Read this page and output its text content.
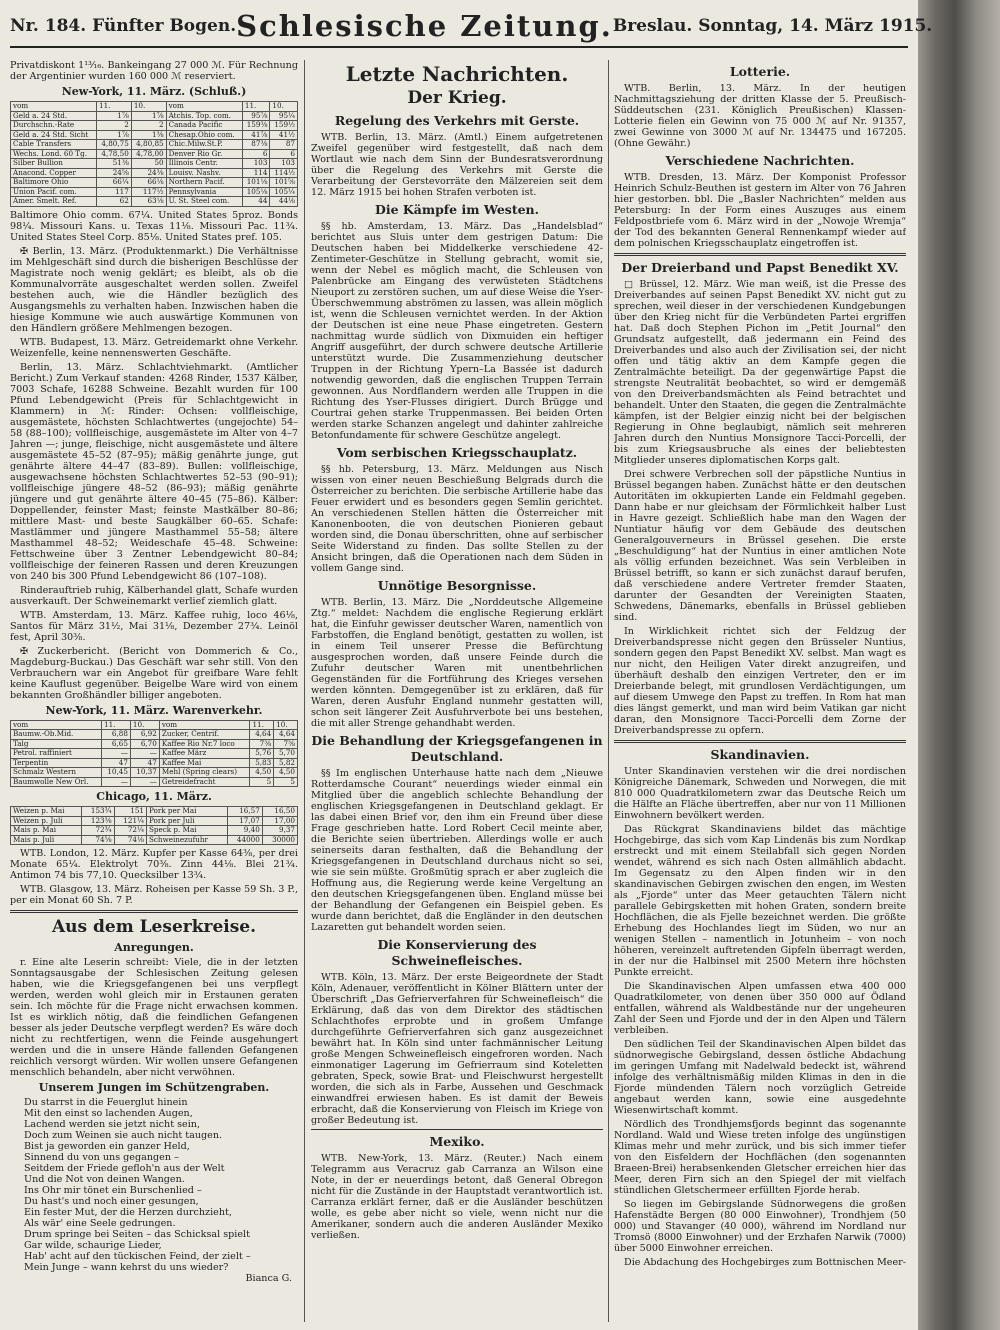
Nr. 184. Fünfter Bogen. Schlesische Zeitung. Breslau. Sonntag, 14. März 1915.

Privatdiskont 1¹³⁄₁₆. Bankeingang 27 000 ℳ. Für Rechnung der Argentinier wurden 160 000 ℳ reserviert.

New-York, 11. März. (Schluß.)
vom	11.	10.	vom	11.	10.
Geld a. 24 Std.	1⅞	1⅞	Atchis. Top. com.	95⅞	95¼
Durchschn.-Rate	2	2	Canada Pacific	159⅜	159½
Geld a. 24 Std. Sicht	1⅞	1⅜	Chesap.Ohio com.	41⅞	41½
Cable Transfers	4,80,75	4,80,85	Chic.Milw.St.P.	87⅜	87
Wechs. Lond. 60 Tg.	4,78,50	4,78,00	Denver Rio Gr.	6	6
Silber Bullion	51⅜	50	Illinois Centr.	103	103
Anacond. Copper	24⅝	24⅜	Louisv. Nashv.	114	114½
Baltimore Ohio	66¼	66⅛	Northern Pacif.	101⅛	101⅝
Union Pacif. com.	117	117½	Pennsylvania	105⅛	105¼
Amer. Smelt. Ref.	62	63⅛	U. St. Steel com.	44	44⅛

Baltimore Ohio comm. 67¼. United States 5proz. Bonds 98¼. Missouri Kans. u. Texas 11⅛. Missouri Pac. 11¾. United States Steel Corp. 85⅛. United States pref. 105.

✠ Berlin, 13. März. (Produktenmarkt.) Die Verhältnisse im Mehlgeschäft sind durch die bisherigen Beschlüsse der Magistrate noch wenig geklärt; es bleibt, als ob die Kommunalvorräte ausgeschaltet werden sollen. Zweifel bestehen auch, wie die Händler bezüglich des Ausgangsmehls zu verhalten haben. Inzwischen haben die hiesige Kommune wie auch auswärtige Kommunen von den Händlern größere Mehlmengen bezogen.

WTB. Budapest, 13. März. Getreidemarkt ohne Verkehr. Weizenfelle, keine nennenswerten Geschäfte.

Berlin, 13. März. Schlachtviehmarkt. (Amtlicher Bericht.) Zum Verkauf standen: 4268 Rinder, 1537 Kälber, 7003 Schafe, 16288 Schweine. Bezahlt wurden für 100 Pfund Lebendgewicht (Preis für Schlachtgewicht in Klammern) in ℳ: Rinder: Ochsen: vollfleischige, ausgemästete, höchsten Schlachtwertes (ungejochte) 54–58 (88–100); vollfleischige, ausgemästete im Alter von 4–7 Jahren —; junge, fleischige, nicht ausgemästete und ältere ausgemästete 45–52 (87–95); mäßig genährte junge, gut genährte ältere 44–47 (83–89). Bullen: vollfleischige, ausgewachsene höchsten Schlachtwertes 52–53 (90–91); vollfleischige jüngere 48–52 (86–93); mäßig genährte jüngere und gut genährte ältere 40–45 (75–86). Kälber: Doppellender, feinster Mast; feinste Mastkälber 80–86; mittlere Mast- und beste Saugkälber 60–65. Schafe: Mastlämmer und jüngere Masthammel 55–58; ältere Masthammel 48–52; Weideschafe 45–48. Schweine: Fettschweine über 3 Zentner Lebendgewicht 80–84; vollfleischige der feineren Rassen und deren Kreuzungen von 240 bis 300 Pfund Lebendgewicht 86 (107–108).

Rinderauftrieb ruhig, Kälberhandel glatt, Schafe wurden ausverkauft. Der Schweinemarkt verlief ziemlich glatt.

WTB. Amsterdam, 13. März. Kaffee ruhig, loco 46⅛, Santos für März 31½, Mai 31⅛, Dezember 27¾. Leinöl fest, April 30⅜.

✠ Zuckerbericht. (Bericht von Dommerich & Co., Magdeburg-Buckau.) Das Geschäft war sehr still. Von den Verbrauchern war ein Angebot für greifbare Ware fehlt keine Kauflust gegenüber. Beigelbe Ware wird von einem bekannten Großhändler billiger angeboten.

New-York, 11. März. Warenverkehr.
vom	11.	10.	vom	11.	10.
Baumw.-Ob.Mid.	6,88	6,92	Zucker, Centrif.	4,64	4,64
Talg	6,65	6,70	Kaffee Rio Nr.7 loco	7⅜	7⅜
Petrol. raffiniert	—	—	Kaffee März	5,76	5,70
Terpentin	47	47	Kaffee Mai	5,83	5,82
Schmalz Western	10,45	10,37	Mehl (Spring clears)	4,50	4,50
Baumwolle New Orl.	—	—	Getreidefracht	5	5
Chicago, 11. März.
Weizen p. Mai	153¾	151	Pork per Mai	16,57	16,50
Weizen p. Juli	123⅜	121¼	Pork per Juli	17,07	17,00
Mais p. Mai	72¾	72¼	Speck p. Mai	9,40	9,37
Mais p. Juli	74⅝	74⅛	Schweinezufuhr	44000	30000

WTB. London, 12. März. Kupfer per Kasse 64⅜, per drei Monate 65¼. Elektrolyt 70⅜. Zinn 44⅛. Blei 21¾. Antimon 74 bis 77,10. Quecksilber 13¾.

WTB. Glasgow, 13. März. Roheisen per Kasse 59 Sh. 3 P., per ein Monat 60 Sh. 7 P.

Aus dem Leserkreise.
Anregungen.

r. Eine alte Leserin schreibt: Viele, die in der letzten Sonntagsausgabe der Schlesischen Zeitung gelesen haben, wie die Kriegsgefangenen bei uns verpflegt werden, werden wohl gleich mir in Erstaunen geraten sein. Ich möchte für die Frage nicht erwachsen kommen. Ist es wirklich nötig, daß die feindlichen Gefangenen besser als jeder Deutsche verpflegt werden? Es wäre doch nicht zu rechtfertigen, wenn die Feinde ausgehungert werden und die in unsere Hände fallenden Gefangenen reichlich versorgt würden. Wir wollen unsere Gefangenen menschlich behandeln, aber nicht verwöhnen.

Unserem Jungen im Schützengraben.
Du starrst in die Feuerglut hinein
Mit den einst so lachenden Augen,
Lachend werden sie jetzt nicht sein,
Doch zum Weinen sie auch nicht taugen.
Bist ja geworden ein ganzer Held,
Sinnend du von uns gegangen –
Seitdem der Friede gefloh'n aus der Welt
Und die Not von deinen Wangen.
Ins Ohr mir tönet ein Burschenlied –
Du hast's und noch einer gesungen,
Ein fester Mut, der die Herzen durchzieht,
Als wär' eine Seele gedrungen.
Drum springe bei Seiten – das Schicksal spielt
Gar wilde, schaurige Lieder,
Hab' acht auf den tückischen Feind, der zielt –
Mein Junge – wann kehrst du uns wieder?
Bianca G.
Letzte Nachrichten.
Der Krieg.
Regelung des Verkehrs mit Gerste.

WTB. Berlin, 13. März. (Amtl.) Einem aufgetretenen Zweifel gegenüber wird festgestellt, daß nach dem Wortlaut wie nach dem Sinn der Bundesratsverordnung über die Regelung des Verkehrs mit Gerste die Verarbeitung der Gerstevorräte den Mälzereien seit dem 12. März 1915 bei hohen Strafen verboten ist.

Die Kämpfe im Westen.

§§ hb. Amsterdam, 13. März. Das „Handelsblad“ berichtet aus Sluis unter dem gestrigen Datum: Die Deutschen haben bei Middelkerke verschiedene 42-Zentimeter-Geschütze in Stellung gebracht, womit sie, wenn der Nebel es möglich macht, die Schleusen von Palenbrücke am Eingang des verwüsteten Städtchens Nieuport zu zerstören suchen, um auf diese Weise die Yser-Überschwemmung abströmen zu lassen, was allein möglich ist, wenn die Schleusen vernichtet werden. In der Aktion der Deutschen ist eine neue Phase eingetreten. Gestern nachmittag wurde südlich von Dixmuiden ein heftiger Angriff ausgeführt, der durch schwere deutsche Artillerie unterstützt wurde. Die Zusammenziehung deutscher Truppen in der Richtung Ypern–La Bassée ist dadurch notwendig geworden, daß die englischen Truppen Terrain gewonnen. Aus Nordflandern werden alle Truppen in die Richtung des Yser-Flusses dirigiert. Durch Brügge und Courtrai gehen starke Truppenmassen. Bei beiden Orten werden starke Schanzen angelegt und dahinter zahlreiche Betonfundamente für schwere Geschütze angelegt.

Vom serbischen Kriegsschauplatz.

§§ hb. Petersburg, 13. März. Meldungen aus Nisch wissen von einer neuen Beschießung Belgrads durch die Österreicher zu berichten. Die serbische Artillerie habe das Feuer erwidert und es besonders gegen Semlin gerichtet. An verschiedenen Stellen hätten die Österreicher mit Kanonenbooten, die von deutschen Pionieren gebaut worden sind, die Donau überschritten, ohne auf serbischer Seite Widerstand zu finden. Das sollte Stellen zu der Ansicht bringen, daß die Operationen nach dem Süden in vollem Gange sind.

Unnötige Besorgnisse.

WTB. Berlin, 13. März. Die „Norddeutsche Allgemeine Ztg.“ meldet: Nachdem die englische Regierung erklärt hat, die Einfuhr gewisser deutscher Waren, namentlich von Farbstoffen, die England benötigt, gestatten zu wollen, ist in einem Teil unserer Presse die Befürchtung ausgesprochen worden, daß unsere Feinde durch die Zufuhr deutscher Waren mit unentbehrlichen Gegenständen für die Fortführung des Krieges versehen werden könnten. Demgegenüber ist zu erklären, daß für Waren, deren Ausfuhr England nunmehr gestatten will, schon seit längerer Zeit Ausfuhrverbote bei uns bestehen, die mit aller Strenge gehandhabt werden.

Die Behandlung der Kriegsgefangenen in Deutschland.

§§ Im englischen Unterhause hatte nach dem „Nieuwe Rotterdamsche Courant“ neuerdings wieder einmal ein Mitglied über die angeblich schlechte Behandlung der englischen Kriegsgefangenen in Deutschland geklagt. Er las dabei einen Brief vor, den ihm ein Freund über diese Frage geschrieben hatte. Lord Robert Cecil meinte aber, die Berichte seien übertrieben. Allerdings wolle er auch seinerseits daran festhalten, daß die Behandlung der Kriegsgefangenen in Deutschland durchaus nicht so sei, wie sie sein müßte. Großmütig sprach er aber zugleich die Hoffnung aus, die Regierung werde keine Vergeltung an den deutschen Kriegsgefangenen üben. England müsse bei der Behandlung der Gefangenen ein Beispiel geben. Es wurde dann berichtet, daß die Engländer in den deutschen Lazaretten gut behandelt worden seien.

Die Konservierung des Schweinefleisches.

WTB. Köln, 13. März. Der erste Beigeordnete der Stadt Köln, Adenauer, veröffentlicht in Kölner Blättern unter der Überschrift „Das Gefrierverfahren für Schweinefleisch“ die Erklärung, daß das von dem Direktor des städtischen Schlachthofes erprobte und in großem Umfange durchgeführte Gefrierverfahren sich ganz ausgezeichnet bewährt hat. In Köln sind unter fachmännischer Leitung große Mengen Schweinefleisch eingefroren worden. Nach einmonatiger Lagerung im Gefrierraum sind Koteletten gebraten, Speck, sowie Brat- und Fleischwurst hergestellt worden, die sich als in Farbe, Aussehen und Geschmack einwandfrei erwiesen haben. Es ist damit der Beweis erbracht, daß die Konservierung von Fleisch im Kriege von großer Bedeutung ist.

Mexiko.

WTB. New-York, 13. März. (Reuter.) Nach einem Telegramm aus Veracruz gab Carranza an Wilson eine Note, in der er neuerdings betont, daß General Obregon nicht für die Zustände in der Hauptstadt verantwortlich ist. Carranza erklärt ferner, daß er die Ausländer beschützen wolle, es gebe aber nicht so viele, wenn nicht nur die Amerikaner, sondern auch die anderen Ausländer Mexiko verließen.

Lotterie.

WTB. Berlin, 13. März. In der heutigen Nachmittagsziehung der dritten Klasse der 5. Preußisch-Süddeutschen (231. Königlich Preußischen) Klassen-Lotterie fielen ein Gewinn von 75 000 ℳ auf Nr. 91357, zwei Gewinne von 3000 ℳ auf Nr. 134475 und 167205. (Ohne Gewähr.)

Verschiedene Nachrichten.

WTB. Dresden, 13. März. Der Komponist Professor Heinrich Schulz-Beuthen ist gestern im Alter von 76 Jahren hier gestorben. bbl. Die „Basler Nachrichten“ melden aus Petersburg: In der Form eines Auszuges aus einem Feldpostbriefe vom 6. März wird in der „Nowoje Wremja“ der Tod des bekannten General Rennenkampf wieder auf dem polnischen Kriegsschauplatz eingetroffen ist.

Der Dreierband und Papst Benedikt XV.

□ Brüssel, 12. März. Wie man weiß, ist die Presse des Dreiverbandes auf seinen Papst Benedikt XV. nicht gut zu sprechen, weil dieser in der verschiedenen Kundgebungen über den Krieg nicht für die Verbündeten Partei ergriffen hat. Daß doch Stephen Pichon im „Petit Journal“ den Grundsatz aufgestellt, daß jedermann ein Feind des Dreiverbandes und also auch der Zivilisation sei, der nicht offen und tätig aktiv an dem Kampfe gegen die Zentralmächte beteiligt. Da der gegenwärtige Papst die strengste Neutralität beobachtet, so wird er demgemäß von den Dreiverbandsmächten als Feind betrachtet und behandelt. Unter den Staaten, die gegen die Zentralmächte kämpfen, ist der Belgier einzig nicht bei der belgischen Regierung in Ohne beglaubigt, nämlich seit mehreren Jahren durch den Nuntius Monsignore Tacci-Porcelli, der bis zum Kriegsausbruche als eines der beliebtesten Mitglieder unseres diplomatischen Korps galt.

Drei schwere Verbrechen soll der päpstliche Nuntius in Brüssel begangen haben. Zunächst hätte er den deutschen Autoritäten im okkupierten Lande ein Feldmahl gegeben. Dann habe er nur gleichsam der Förmlichkeit halber Lust in Havre gezeigt. Schließlich habe man den Wagen der Nuntiatur häufig vor dem Gebäude des deutschen Generalgouverneurs in Brüssel gesehen. Die erste „Beschuldigung“ hat der Nuntius in einer amtlichen Note als völlig erfunden bezeichnet. Was sein Verbleiben in Brüssel betrifft, so kann er sich zunächst darauf berufen, daß verschiedene andere Vertreter fremder Staaten, darunter der Gesandten der Vereinigten Staaten, Schwedens, Dänemarks, ebenfalls in Brüssel geblieben sind.

In Wirklichkeit richtet sich der Feldzug der Dreiverbandspresse nicht gegen den Brüsseler Nuntius, sondern gegen den Papst Benedikt XV. selbst. Man wagt es nur nicht, den Heiligen Vater direkt anzugreifen, und überhäuft deshalb den einzigen Vertreter, den er im Dreierbande belegt, mit grundlosen Verdächtigungen, um auf diesem Umwege den Papst zu treffen. In Rom hat man dies längst gemerkt, und man wird beim Vatikan gar nicht daran, den Monsignore Tacci-Porcelli dem Zorne der Dreiverbandspresse zu opfern.

Skandinavien.

Unter Skandinavien verstehen wir die drei nordischen Königreiche Dänemark, Schweden und Norwegen, die mit 810 000 Quadratkilometern zwar das Deutsche Reich um die Hälfte an Fläche übertreffen, aber nur von 11 Millionen Einwohnern bevölkert werden.

Das Rückgrat Skandinaviens bildet das mächtige Hochgebirge, das sich vom Kap Lindenäs bis zum Nordkap erstreckt und mit einem Steilabfall sich gegen Norden wendet, während es sich nach Osten allmählich abdacht. Im Gegensatz zu den Alpen finden wir in den skandinavischen Gebirgen zwischen den engen, im Westen als „Fjorde“ unter das Meer getauchten Tälern nicht parallele Gebirgsketten mit hohen Graten, sondern breite Hochflächen, die als Fjelle bezeichnet werden. Die größte Erhebung des Hochlandes liegt im Süden, wo nur an wenigen Stellen – namentlich in Jotunheim – von noch höheren, vereinzelt auftretenden Gipfeln überragt werden, in der nur die Halbinsel mit 2500 Metern ihre höchsten Punkte erreicht.

Die Skandinavischen Alpen umfassen etwa 400 000 Quadratkilometer, von denen über 350 000 auf Ödland entfallen, während als Waldbestände nur der ungeheuren Zahl der Seen und Fjorde und der in den Alpen und Tälern verbleiben.

Den südlichen Teil der Skandinavischen Alpen bildet das südnorwegische Gebirgsland, dessen östliche Abdachung im geringen Umfang mit Nadelwald bedeckt ist, während infolge des verhältnismäßig milden Klimas in den in die Fjorde mündenden Tälern noch vorzüglich Getreide angebaut werden kann, sowie eine ausgedehnte Wiesenwirtschaft kommt.

Nördlich des Trondhjemsfjords beginnt das sogenannte Nordland. Wald und Wiese treten infolge des ungünstigen Klimas mehr und mehr zurück, und bis sich immer tiefer von den Eisfeldern der Hochflächen (den sogenannten Braeen-Brei) herabsenkenden Gletscher erreichen hier das Meer, deren Firn sich an den Spiegel der mit vielfach stündlichen Gletschermeer erfüllten Fjorde herab.

So liegen im Gebirgslande Südnorwegens die großen Hafenstädte Bergen (80 000 Einwohner), Trondhjem (50 000) und Stavanger (40 000), während im Nordland nur Tromsö (8000 Einwohner) und der Erzhafen Narwik (7000) über 5000 Einwohner erreichen.

Die Abdachung des Hochgebirges zum Bottnischen Meer-
